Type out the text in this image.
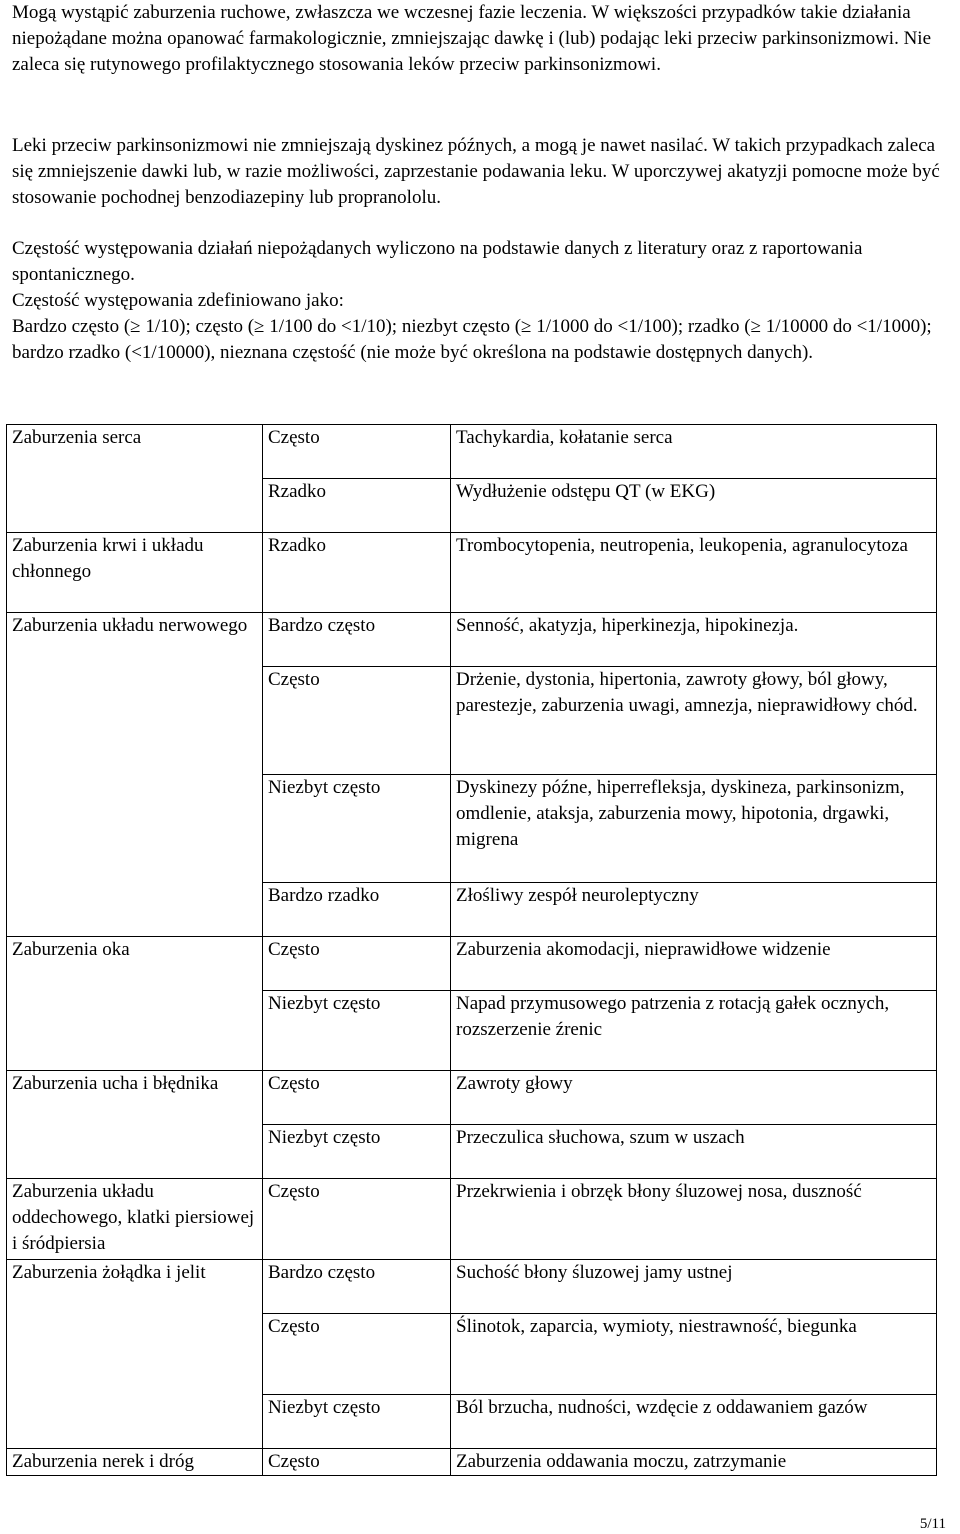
Mogą wystąpić zaburzenia ruchowe, zwłaszcza we wczesnej fazie leczenia. W większości przypadków takie działania niepożądane można opanować farmakologicznie, zmniejszając dawkę i (lub) podając leki przeciw parkinsonizmowi. Nie zaleca się rutynowego profilaktycznego stosowania leków przeciw parkinsonizmowi.

Leki przeciw parkinsonizmowi nie zmniejszają dyskinez późnych, a mogą je nawet nasilać. W takich przypadkach zaleca się zmniejszenie dawki lub, w razie możliwości, zaprzestanie podawania leku. W uporczywej akatyzji pomocne może być stosowanie pochodnej benzodiazepiny lub propranololu.

Częstość występowania działań niepożądanych wyliczono na podstawie danych z literatury oraz z raportowania spontanicznego.
Częstość występowania zdefiniowano jako:
Bardzo często (≥ 1/10); często (≥ 1/100 do <1/10); niezbyt często (≥ 1/1000 do <1/100); rzadko (≥ 1/10000 do <1/1000); bardzo rzadko (<1/10000), nieznana częstość (nie może być określona na podstawie dostępnych danych).

Zaburzenia serca	Często	Tachykardia, kołatanie serca
	Rzadko	Wydłużenie odstępu QT (w EKG)
Zaburzenia krwi i układu chłonnego	Rzadko	Trombocytopenia, neutropenia, leukopenia, agranulocytoza
Zaburzenia układu nerwowego	Bardzo często	Senność, akatyzja, hiperkinezja, hipokinezja.
	Często	Drżenie, dystonia, hipertonia, zawroty głowy, ból głowy, parestezje, zaburzenia uwagi, amnezja, nieprawidłowy chód.
	Niezbyt często	Dyskinezy późne, hiperrefleksja, dyskineza, parkinsonizm, omdlenie, ataksja, zaburzenia mowy, hipotonia, drgawki, migrena
	Bardzo rzadko	Złośliwy zespół neuroleptyczny
Zaburzenia oka	Często	Zaburzenia akomodacji, nieprawidłowe widzenie
	Niezbyt często	Napad przymusowego patrzenia z rotacją gałek ocznych, rozszerzenie źrenic
Zaburzenia ucha i błędnika	Często	Zawroty głowy
	Niezbyt często	Przeczulica słuchowa, szum w uszach
Zaburzenia układu oddechowego, klatki piersiowej i śródpiersia	Często	Przekrwienia i obrzęk błony śluzowej nosa, duszność
Zaburzenia żołądka i jelit	Bardzo często	Suchość błony śluzowej jamy ustnej
	Często	Ślinotok, zaparcia, wymioty, niestrawność, biegunka
	Niezbyt często	Ból brzucha, nudności, wzdęcie z oddawaniem gazów
Zaburzenia nerek i dróg	Często	Zaburzenia oddawania moczu, zatrzymanie
5/11
